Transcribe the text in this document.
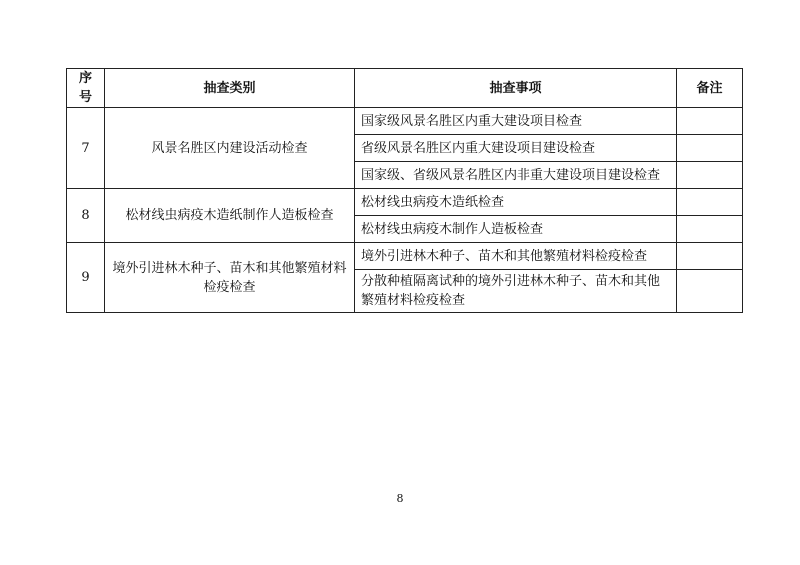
序号	抽查类别	抽查事项	备注
7	风景名胜区内建设活动检查	国家级风景名胜区内重大建设项目检查	
		省级风景名胜区内重大建设项目建设检查	
		国家级、省级风景名胜区内非重大建设项目建设检查	
8	松材线虫病疫木造纸制作人造板检查	松材线虫病疫木造纸检查	
		松材线虫病疫木制作人造板检查	
9	境外引进林木种子、苗木和其他繁殖材料检疫检查	境外引进林木种子、苗木和其他繁殖材料检疫检查	
		分散种植隔离试种的境外引进林木种子、苗木和其他繁殖材料检疫检查	
8
